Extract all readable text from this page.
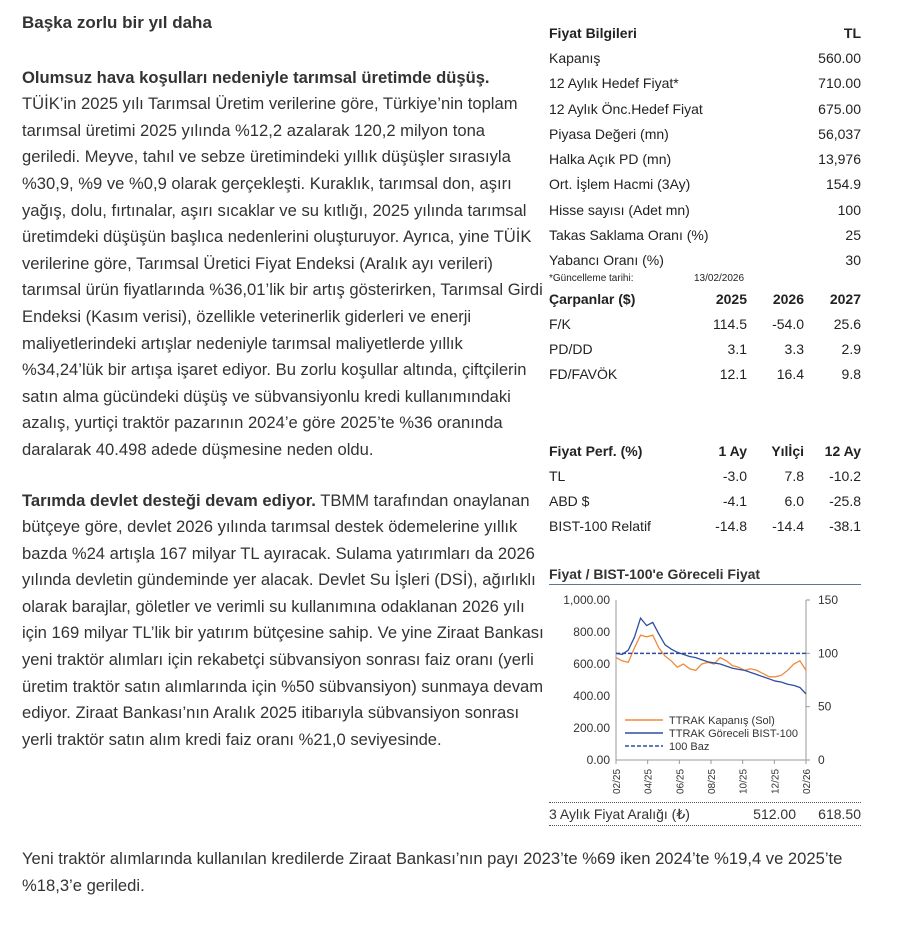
Başka zorlu bir yıl daha

Olumsuz hava koşulları nedeniyle tarımsal üretimde düşüş. TÜİK’in 2025 yılı Tarımsal Üretim verilerine göre, Türkiye’nin toplam tarımsal üretimi 2025 yılında %12,2 azalarak 120,2 milyon tona geriledi. Meyve, tahıl ve sebze üretimindeki yıllık düşüşler sırasıyla %30,9, %9 ve %0,9 olarak gerçekleşti. Kuraklık, tarımsal don, aşırı yağış, dolu, fırtınalar, aşırı sıcaklar ve su kıtlığı, 2025 yılında tarımsal üretimdeki düşüşün başlıca nedenlerini oluşturuyor. Ayrıca, yine TÜİK verilerine göre, Tarımsal Üretici Fiyat Endeksi (Aralık ayı verileri) tarımsal ürün fiyatlarında %36,01’lik bir artış gösterirken, Tarımsal Girdi Endeksi (Kasım verisi), özellikle veterinerlik giderleri ve enerji maliyetlerindeki artışlar nedeniyle tarımsal maliyetlerde yıllık %34,24’lük bir artışa işaret ediyor. Bu zorlu koşullar altında, çiftçilerin satın alma gücündeki düşüş ve sübvansiyonlu kredi kullanımındaki azalış, yurtiçi traktör pazarının 2024’e göre 2025’te %36 oranında daralarak 40.498 adede düşmesine neden oldu.

Tarımda devlet desteği devam ediyor. TBMM tarafından onaylanan bütçeye göre, devlet 2026 yılında tarımsal destek ödemelerine yıllık bazda %24 artışla 167 milyar TL ayıracak. Sulama yatırımları da 2026 yılında devletin gündeminde yer alacak. Devlet Su İşleri (DSİ), ağırlıklı olarak barajlar, göletler ve verimli su kullanımına odaklanan 2026 yılı için 169 milyar TL’lik bir yatırım bütçesine sahip. Ve yine Ziraat Bankası yeni traktör alımları için rekabetçi sübvansiyon sonrası faiz oranı (yerli üretim traktör satın alımlarında için %50 sübvansiyon) sunmaya devam ediyor. Ziraat Bankası’nın Aralık 2025 itibarıyla sübvansiyon sonrası yerli traktör satın alım kredi faiz oranı %21,0 seviyesinde.

Yeni traktör alımlarında kullanılan kredilerde Ziraat Bankası’nın payı 2023’te %69 iken 2024’te %19,4 ve 2025’te %18,3’e geriledi.
Fiyat Bilgileri	TL
Kapanış	560.00
12 Aylık Hedef Fiyat*	710.00
12 Aylık Önc.Hedef Fiyat	675.00
Piyasa Değeri (mn)	56,037
Halka Açık PD (mn)	13,976
Ort. İşlem Hacmi (3Ay)	154.9
Hisse sayısı (Adet mn)	100
Takas Saklama Oranı (%)	25
Yabancı Oranı (%)	30
*Güncelleme tarihi:	13/02/2026
Çarpanlar ($)	2025	2026	2027
F/K	114.5	-54.0	25.6
PD/DD	3.1	3.3	2.9
FD/FAVÖK	12.1	16.4	9.8
Fiyat Perf. (%)	1 Ay	Yılİçi	12 Ay
TL	-3.0	7.8	-10.2
ABD $	-4.1	6.0	-25.8
BIST-100 Relatif	-14.8	-14.4	-38.1
Fiyat / BIST-100'e Göreceli Fiyat
0.00
200.00
400.00
600.00
800.00
1,000.00
0
50
100
150
02/25 04/25 06/25 08/25 10/25 12/25 02/26
TTRAK Kapanış (Sol)
TTRAK Göreceli BIST-100
100 Baz
3 Aylık Fiyat Aralığı (₺)	512.00	618.50
